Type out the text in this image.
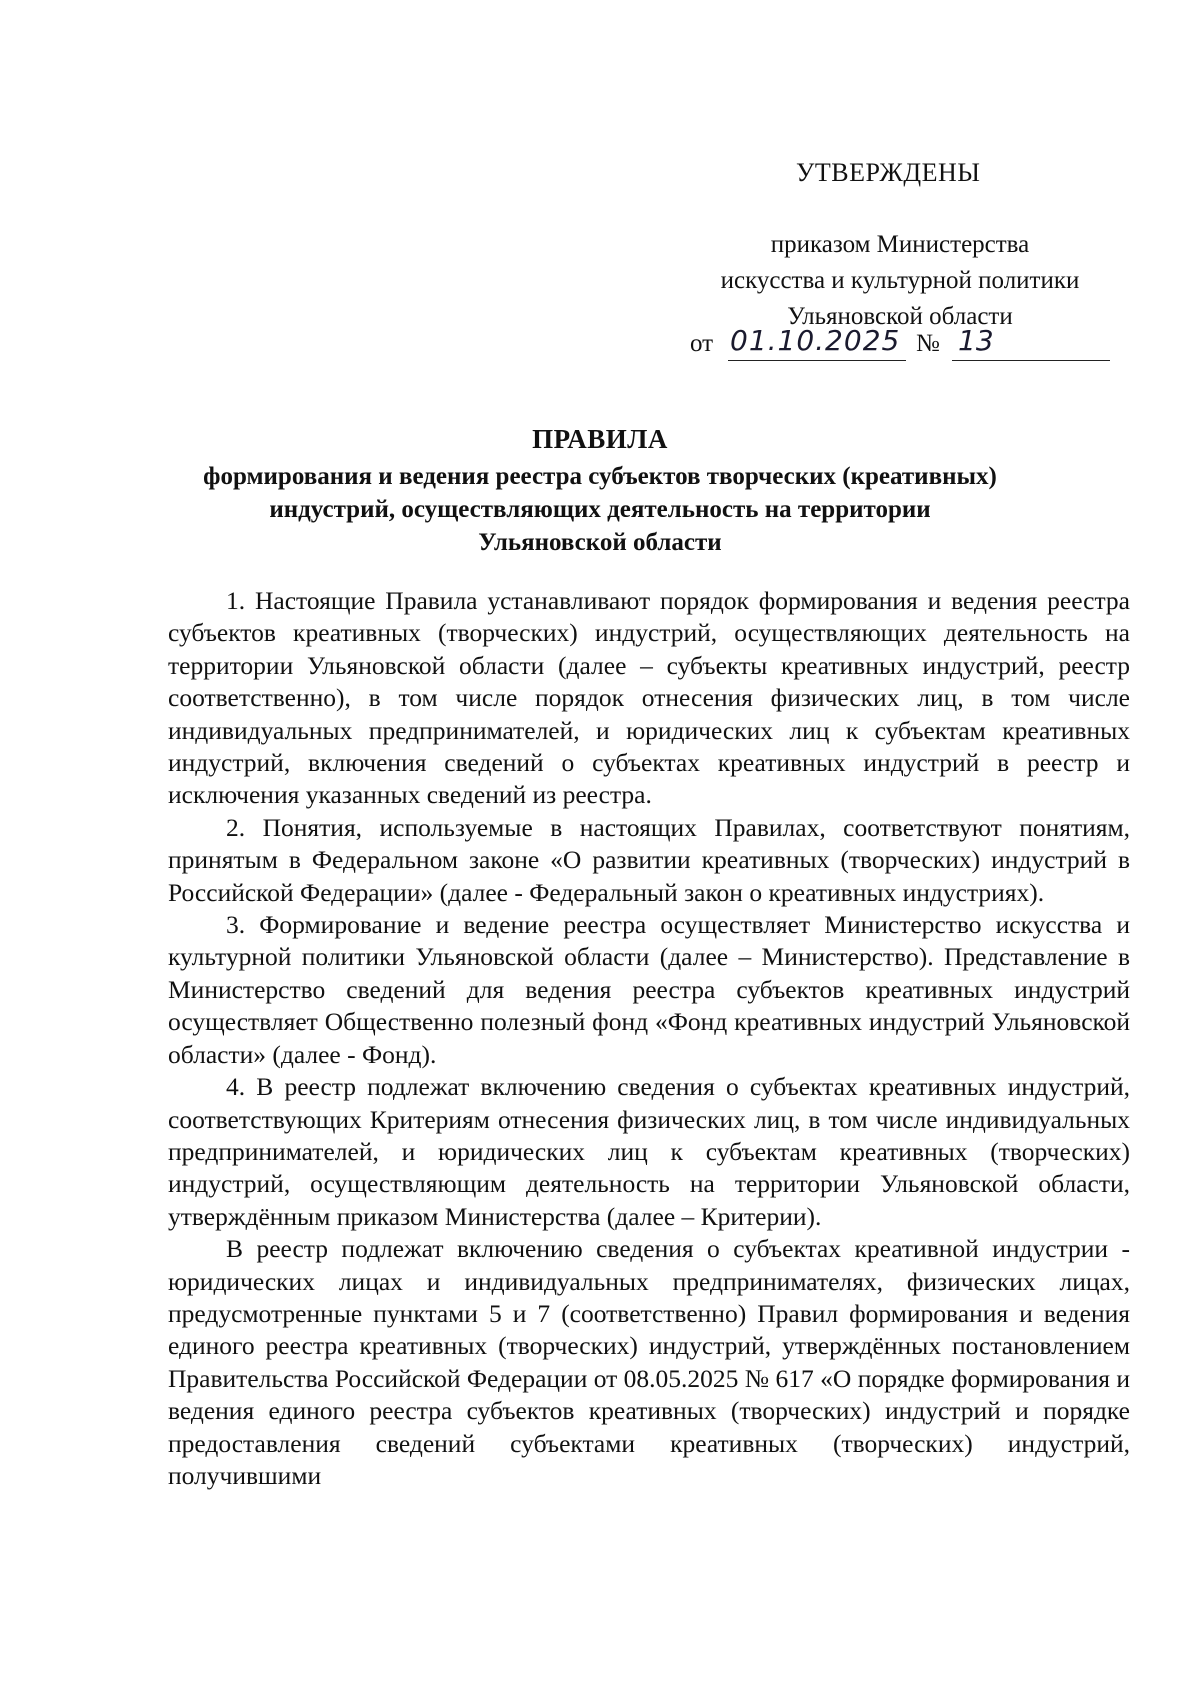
УТВЕРЖДЕНЫ
приказом Министерства
искусства и культурной политики
Ульяновской области
от 01.10.2025 № 13
ПРАВИЛА
формирования и ведения реестра субъектов творческих (креативных)
индустрий, осуществляющих деятельность на территории
Ульяновской области

1. Настоящие Правила устанавливают порядок формирования и ведения реестра субъектов креативных (творческих) индустрий, осуществляющих деятельность на территории Ульяновской области (далее – субъекты креативных индустрий, реестр соответственно), в том числе порядок отнесения физических лиц, в том числе индивидуальных предпринимателей, и юридических лиц к субъектам креативных индустрий, включения сведений о субъектах креативных индустрий в реестр и исключения указанных сведений из реестра.

2. Понятия, используемые в настоящих Правилах, соответствуют понятиям, принятым в Федеральном законе «О развитии креативных (творческих) индустрий в Российской Федерации» (далее - Федеральный закон о креативных индустриях).

3. Формирование и ведение реестра осуществляет Министерство искусства и культурной политики Ульяновской области (далее – Министерство). Представление в Министерство сведений для ведения реестра субъектов креативных индустрий осуществляет Общественно полезный фонд «Фонд креативных индустрий Ульяновской области» (далее - Фонд).

4. В реестр подлежат включению сведения о субъектах креативных индустрий, соответствующих Критериям отнесения физических лиц, в том числе индивидуальных предпринимателей, и юридических лиц к субъектам креативных (творческих) индустрий, осуществляющим деятельность на территории Ульяновской области, утверждённым приказом Министерства (далее – Критерии).

В реестр подлежат включению сведения о субъектах креативной индустрии - юридических лицах и индивидуальных предпринимателях, физических лицах, предусмотренные пунктами 5 и 7 (соответственно) Правил формирования и ведения единого реестра креативных (творческих) индустрий, утверждённых постановлением Правительства Российской Федерации от 08.05.2025 № 617 «О порядке формирования и ведения единого реестра субъектов креативных (творческих) индустрий и порядке предоставления сведений субъектами креативных (творческих) индустрий, получившими
